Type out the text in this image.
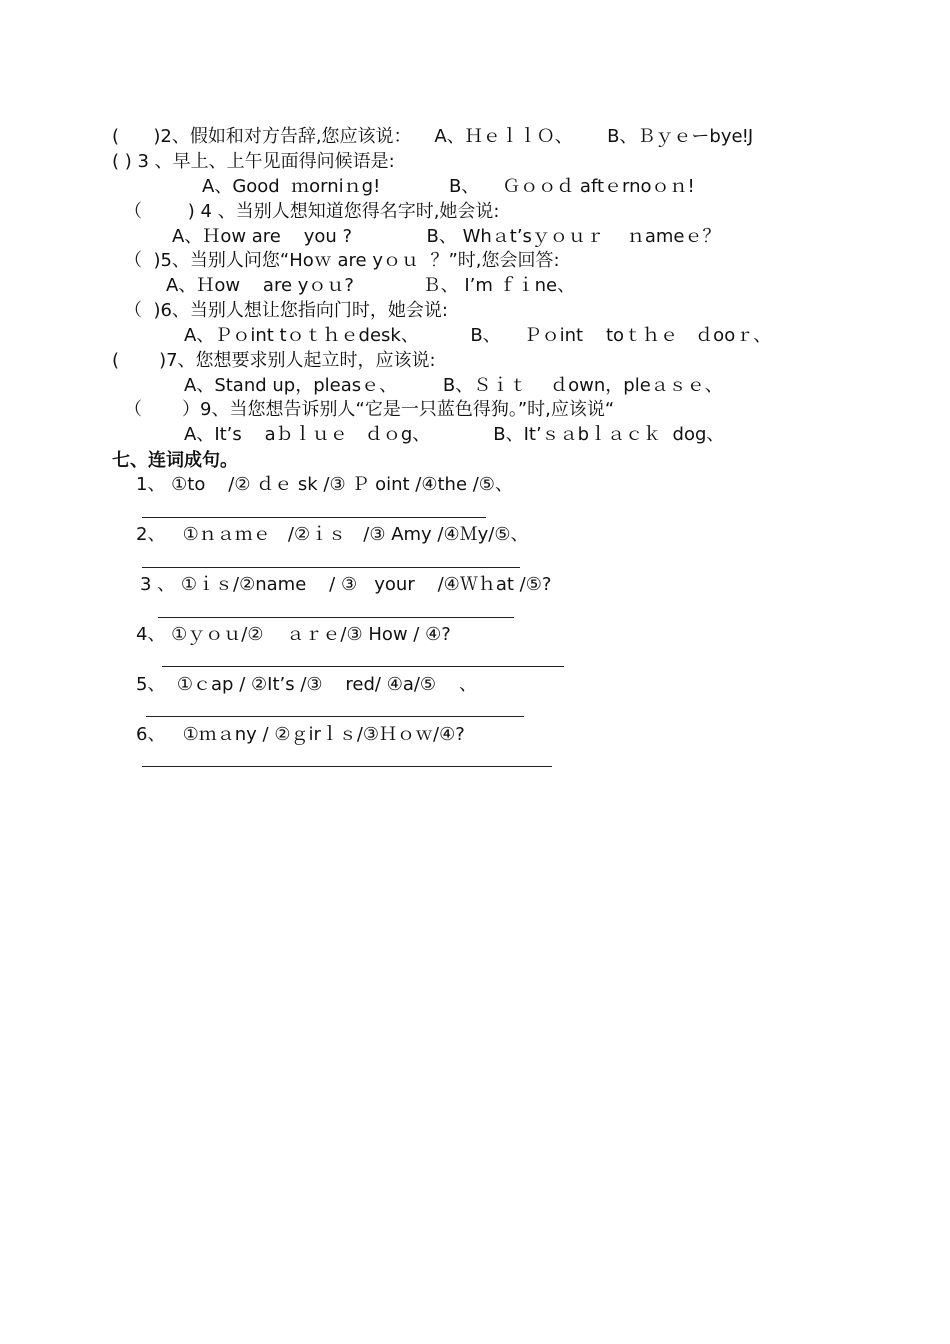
(      )2、假如和对方告辞,您应该说：    A、ＨｅｌｌＯ、      B、ＢｙｅーbyeǃJ
( ) 3 、早上、上午见面得问候语是:
A、Good  ｍorniｎg!            B、    Ｇｏｏｄ aftｅrnoｏｎ!
（        ) 4 、当别人想知道您得名字时,她会说:
A、Ｈow are    you ?             B、 Whａt’sｙｏｕｒ    ｎameｅ？
（  )5、当别人问您“Hoｗ are yｏｕ  ？”时,您会回答:
A、Ｈow    are yｏｕ?            Ｂ、 I’m ｆｉne、
（  )6、当别人想让您指向门时，她会说:
A、Ｐｏint tｏｔｈｅdesk、         B、    Ｐｏint    toｔｈｅ   ｄooｒ、
(       )7、您想要求别人起立时，应该说:
A、Stand up，pleasｅ、        B、Ｓｉｔ    ｄown，pleａｓｅ、
（       ）9、当您想告诉别人“它是一只蓝色得狗。”时,应该说“
A、It’s    aｂｌｕｅ   ｄｏg、           B、It’ｓａbｌａｃｋ  dog、
七、连词成句。
1、 ①to    /② ｄｅ sk /③ Ｐ oint /④the /⑤、
2、   ①ｎａｍｅ   /②ｉｓ   /③ Amy /④Ｍy/⑤、
3 、 ①ｉｓ/②name    / ③   your    /④Ｗｈat /⑤?
4、 ①ｙｏｕ/②    ａｒｅ/③ How / ④?
5、  ①ｃap / ②It’s /③    red/ ④a/⑤    、
6、   ①ｍａny / ②ｇirｌｓ/③Ｈｏｗ/④?
